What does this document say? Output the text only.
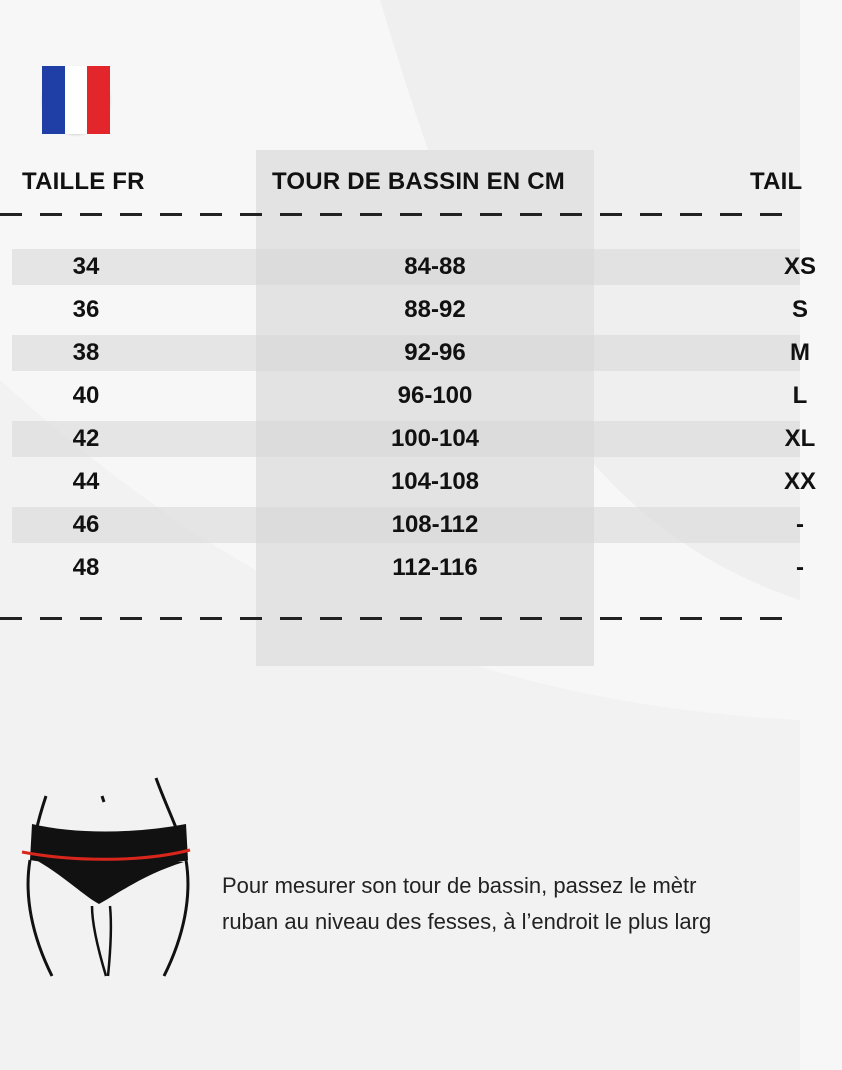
TAILLE FR	TOUR DE BASSIN EN CM	TAIL
34	84-88	XS
36	88-92	S
38	92-96	M
40	96-100	L
42	100-104	XL
44	104-108	XX
46	108-112	-
48	112-116	-
Pour mesurer son tour de bassin, passez le mètr
ruban au niveau des fesses, à l’endroit le plus larg
